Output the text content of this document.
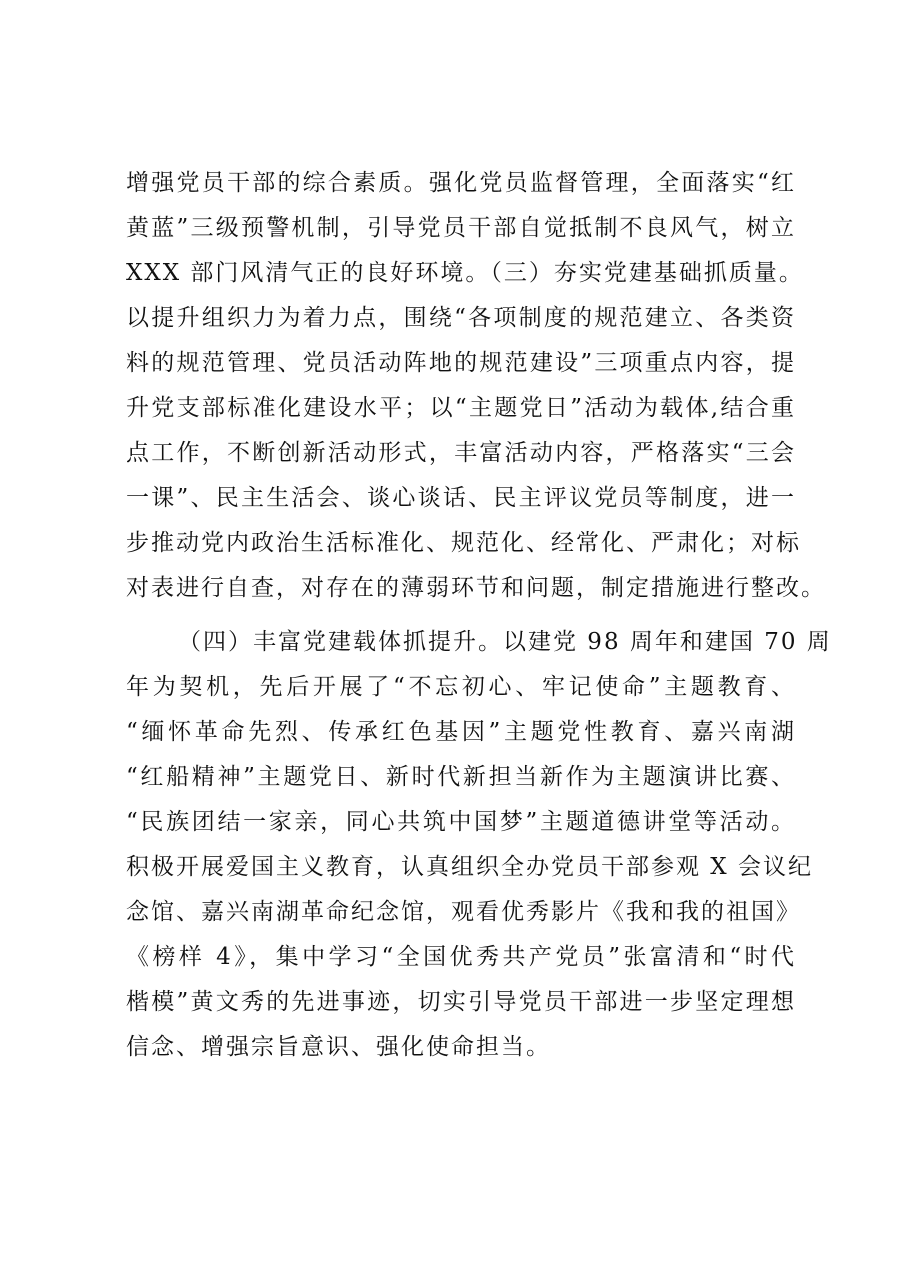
增强党员干部的综合素质。强化党员监督管理，全面落实“红
黄蓝”三级预警机制，引导党员干部自觉抵制不良风气，树立
XXX 部门风清气正的良好环境。（三）夯实党建基础抓质量。
以提升组织力为着力点，围绕“各项制度的规范建立、各类资
料的规范管理、党员活动阵地的规范建设”三项重点内容，提
升党支部标准化建设水平；以“主题党日”活动为载体,结合重
点工作，不断创新活动形式，丰富活动内容，严格落实“三会
一课”、民主生活会、谈心谈话、民主评议党员等制度，进一
步推动党内政治生活标准化、规范化、经常化、严肃化；对标
对表进行自查，对存在的薄弱环节和问题，制定措施进行整改。
（四）丰富党建载体抓提升。以建党 98 周年和建国 70 周
年为契机，先后开展了“不忘初心、牢记使命”主题教育、
“缅怀革命先烈、传承红色基因”主题党性教育、嘉兴南湖
“红船精神”主题党日、新时代新担当新作为主题演讲比赛、
“民族团结一家亲，同心共筑中国梦”主题道德讲堂等活动。
积极开展爱国主义教育，认真组织全办党员干部参观 X 会议纪
念馆、嘉兴南湖革命纪念馆，观看优秀影片《我和我的祖国》
《榜样 4》，集中学习“全国优秀共产党员”张富清和“时代
楷模”黄文秀的先进事迹，切实引导党员干部进一步坚定理想
信念、增强宗旨意识、强化使命担当。
